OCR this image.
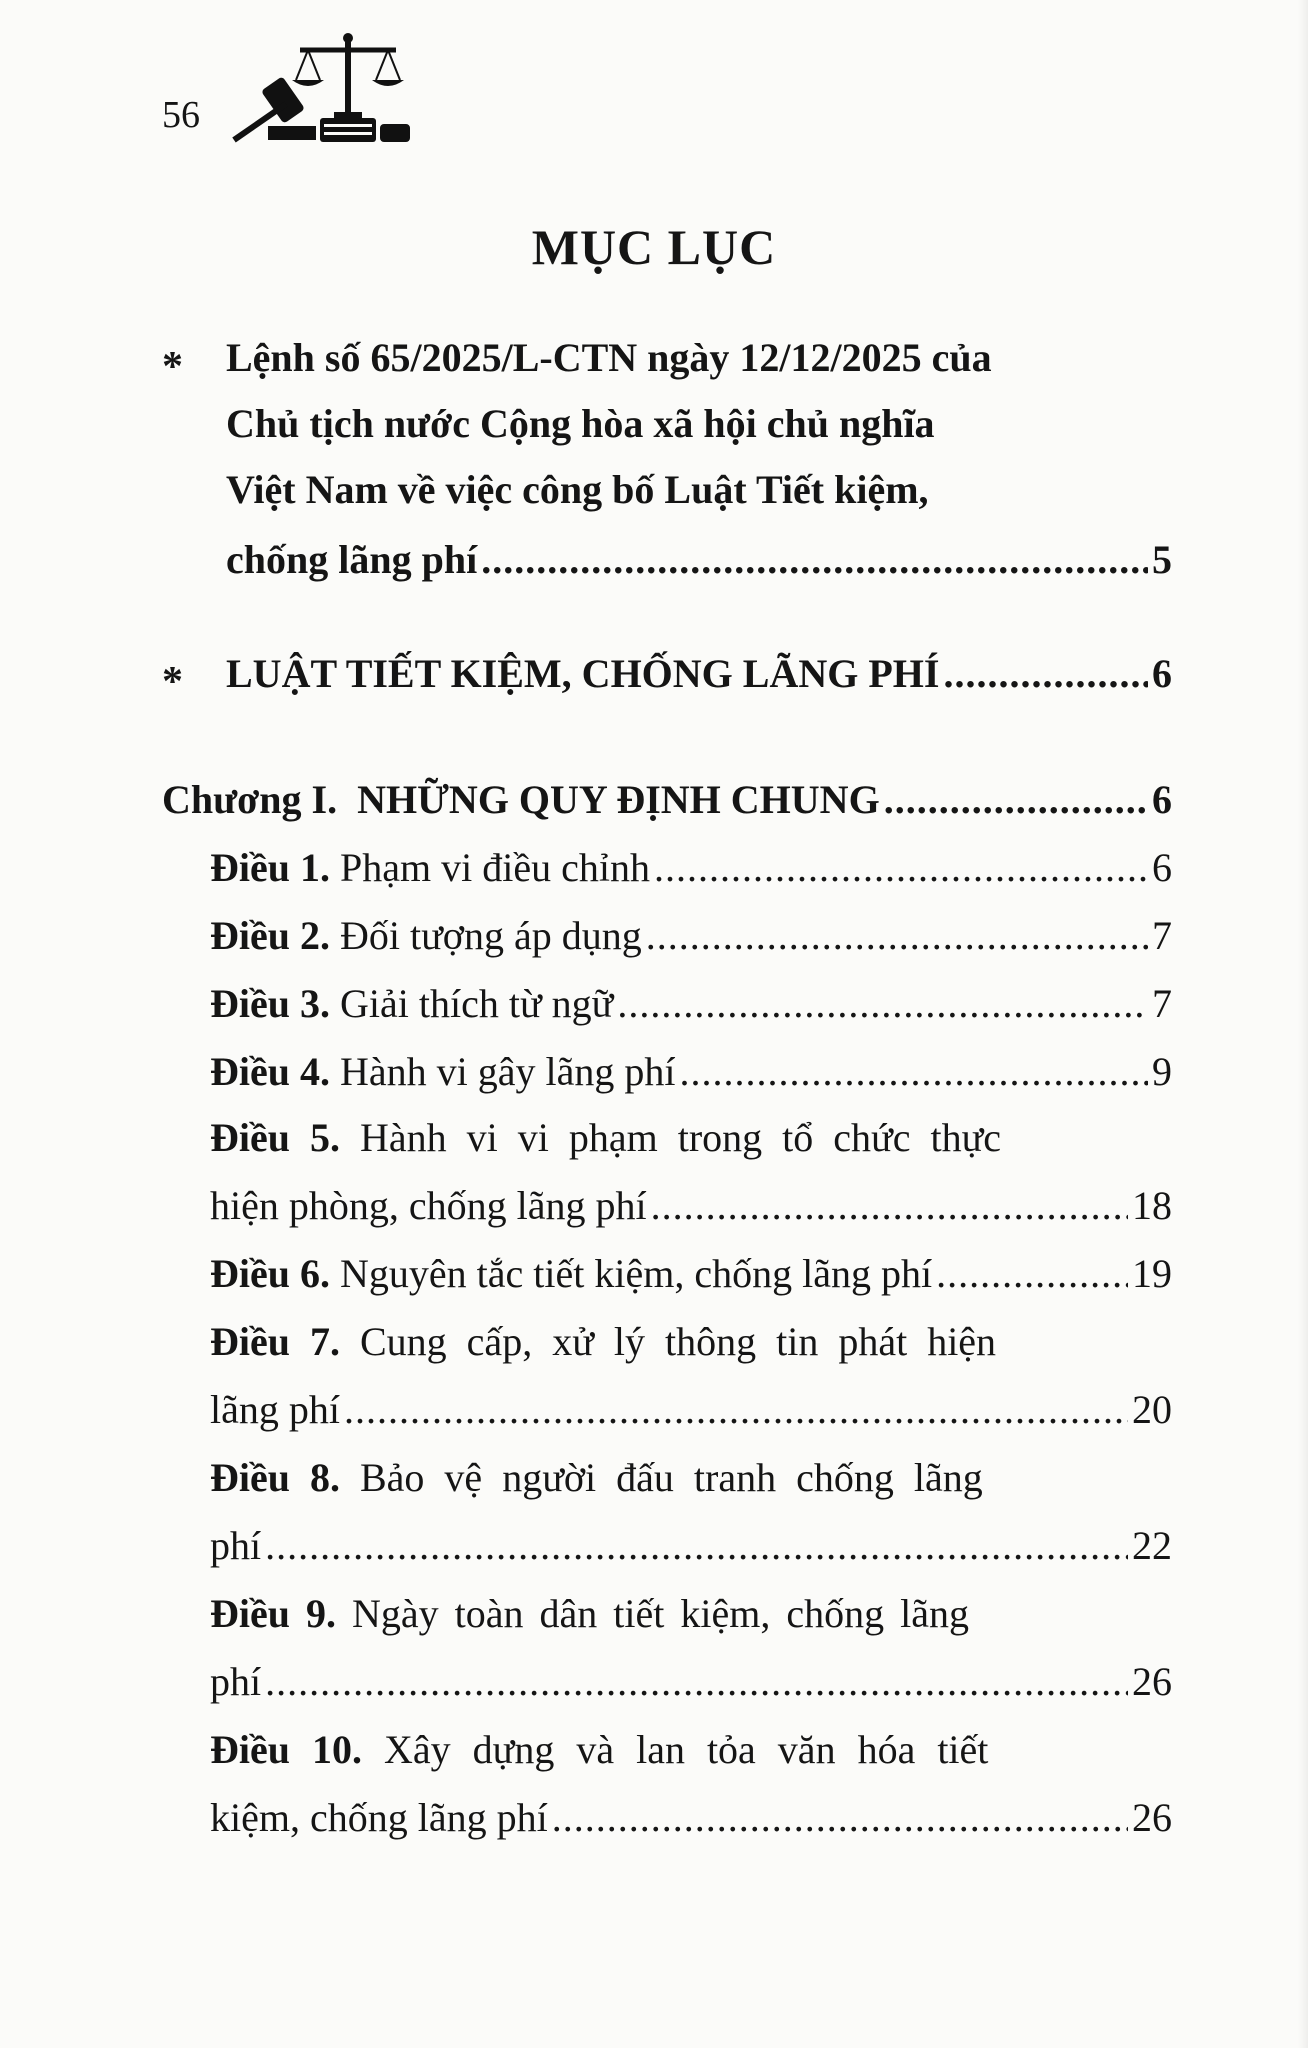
56
MỤC LỤC
* Lệnh số 65/2025/L-CTN ngày 12/12/2025 của
Chủ tịch nước Cộng hòa xã hội chủ nghĩa
Việt Nam về việc công bố Luật Tiết kiệm,
chống lãng phí .....	5
* LUẬT TIẾT KIỆM, CHỐNG LÃNG PHÍ .....	6
Chương I.  NHỮNG QUY ĐỊNH CHUNG .....	6
Điều 1.
Phạm vi điều chỉnh .....	6
Điều 2.
Đối tượng áp dụng .....	7
Điều 3.
Giải thích từ ngữ .....	7
Điều 4.
Hành vi gây lãng phí .....	9
Điều 5.
Hành vi vi phạm trong tổ chức thực
hiện phòng, chống lãng phí .....	18
Điều 6.
Nguyên tắc tiết kiệm, chống lãng phí .....	19
Điều 7.
Cung cấp, xử lý thông tin phát hiện
lãng phí .....	20
Điều 8.
Bảo vệ người đấu tranh chống lãng
phí .....	22
Điều 9.
Ngày toàn dân tiết kiệm, chống lãng
phí .....	26
Điều 10.
Xây dựng và lan tỏa văn hóa tiết
kiệm, chống lãng phí .....	26
